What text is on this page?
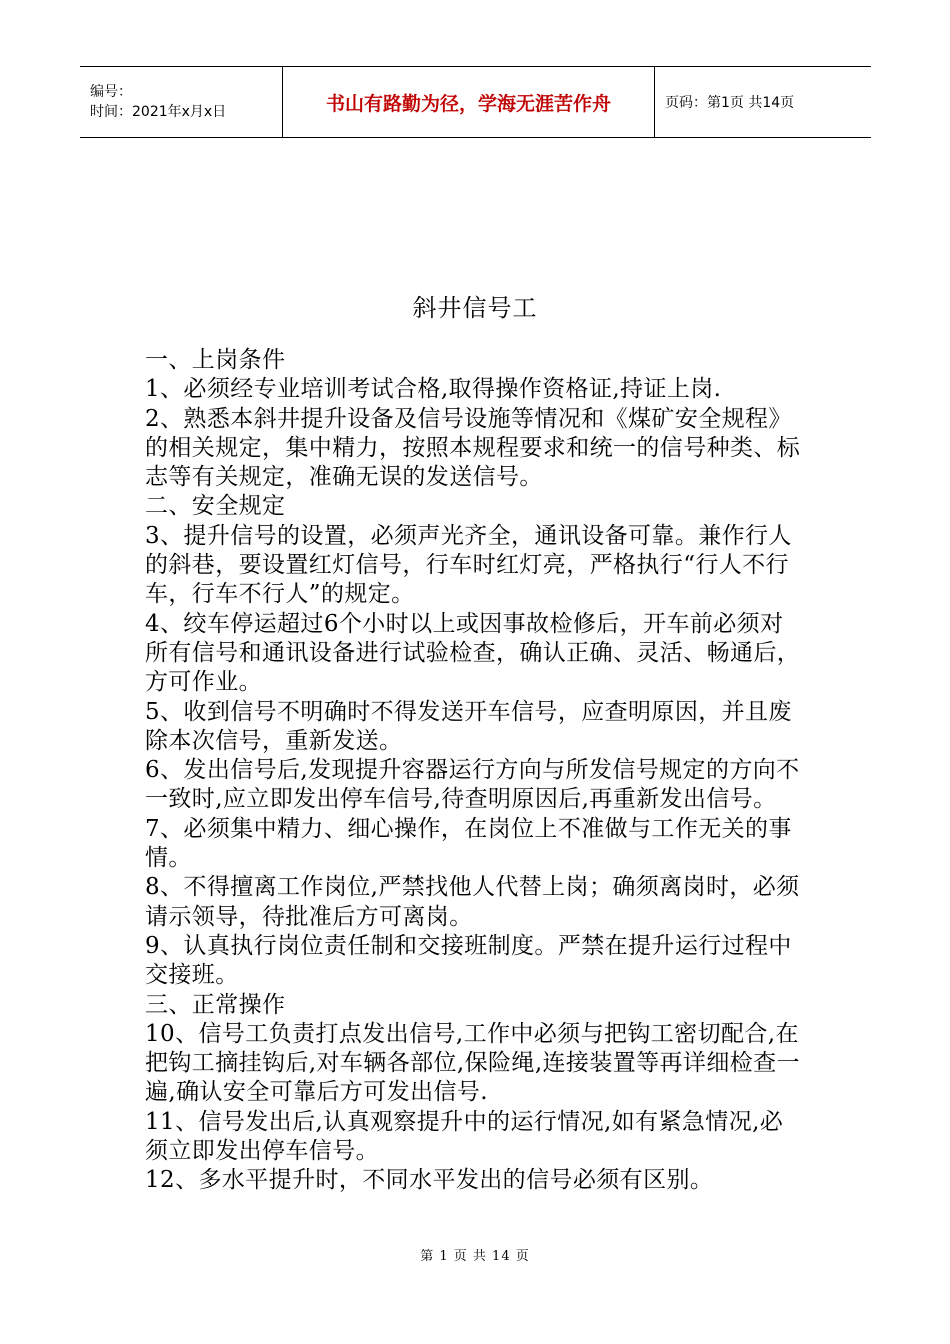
编号：
时间：2021年x月x日	书山有路勤为径，学海无涯苦作舟	页码：第1页 共14页
斜井信号工

一、上岗条件

1、必须经专业培训考试合格,取得操作资格证,持证上岗.

2、熟悉本斜井提升设备及信号设施等情况和《煤矿安全规程》的相关规定，集中精力，按照本规程要求和统一的信号种类、标志等有关规定，准确无误的发送信号。

二、安全规定

3、提升信号的设置，必须声光齐全，通讯设备可靠。兼作行人的斜巷，要设置红灯信号，行车时红灯亮，严格执行“行人不行车，行车不行人”的规定。

4、绞车停运超过6个小时以上或因事故检修后，开车前必须对所有信号和通讯设备进行试验检查，确认正确、灵活、畅通后，方可作业。

5、收到信号不明确时不得发送开车信号，应查明原因，并且废除本次信号，重新发送。

6、发出信号后,发现提升容器运行方向与所发信号规定的方向不一致时,应立即发出停车信号,待查明原因后,再重新发出信号。

7、必须集中精力、细心操作，在岗位上不准做与工作无关的事情。

8、不得擅离工作岗位,严禁找他人代替上岗；确须离岗时，必须请示领导，待批准后方可离岗。

9、认真执行岗位责任制和交接班制度。严禁在提升运行过程中交接班。

三、正常操作

10、信号工负责打点发出信号,工作中必须与把钩工密切配合,在把钩工摘挂钩后,对车辆各部位,保险绳,连接装置等再详细检查一遍,确认安全可靠后方可发出信号.

11、信号发出后,认真观察提升中的运行情况,如有紧急情况,必须立即发出停车信号。

12、多水平提升时，不同水平发出的信号必须有区别。

第 1 页 共 14 页
